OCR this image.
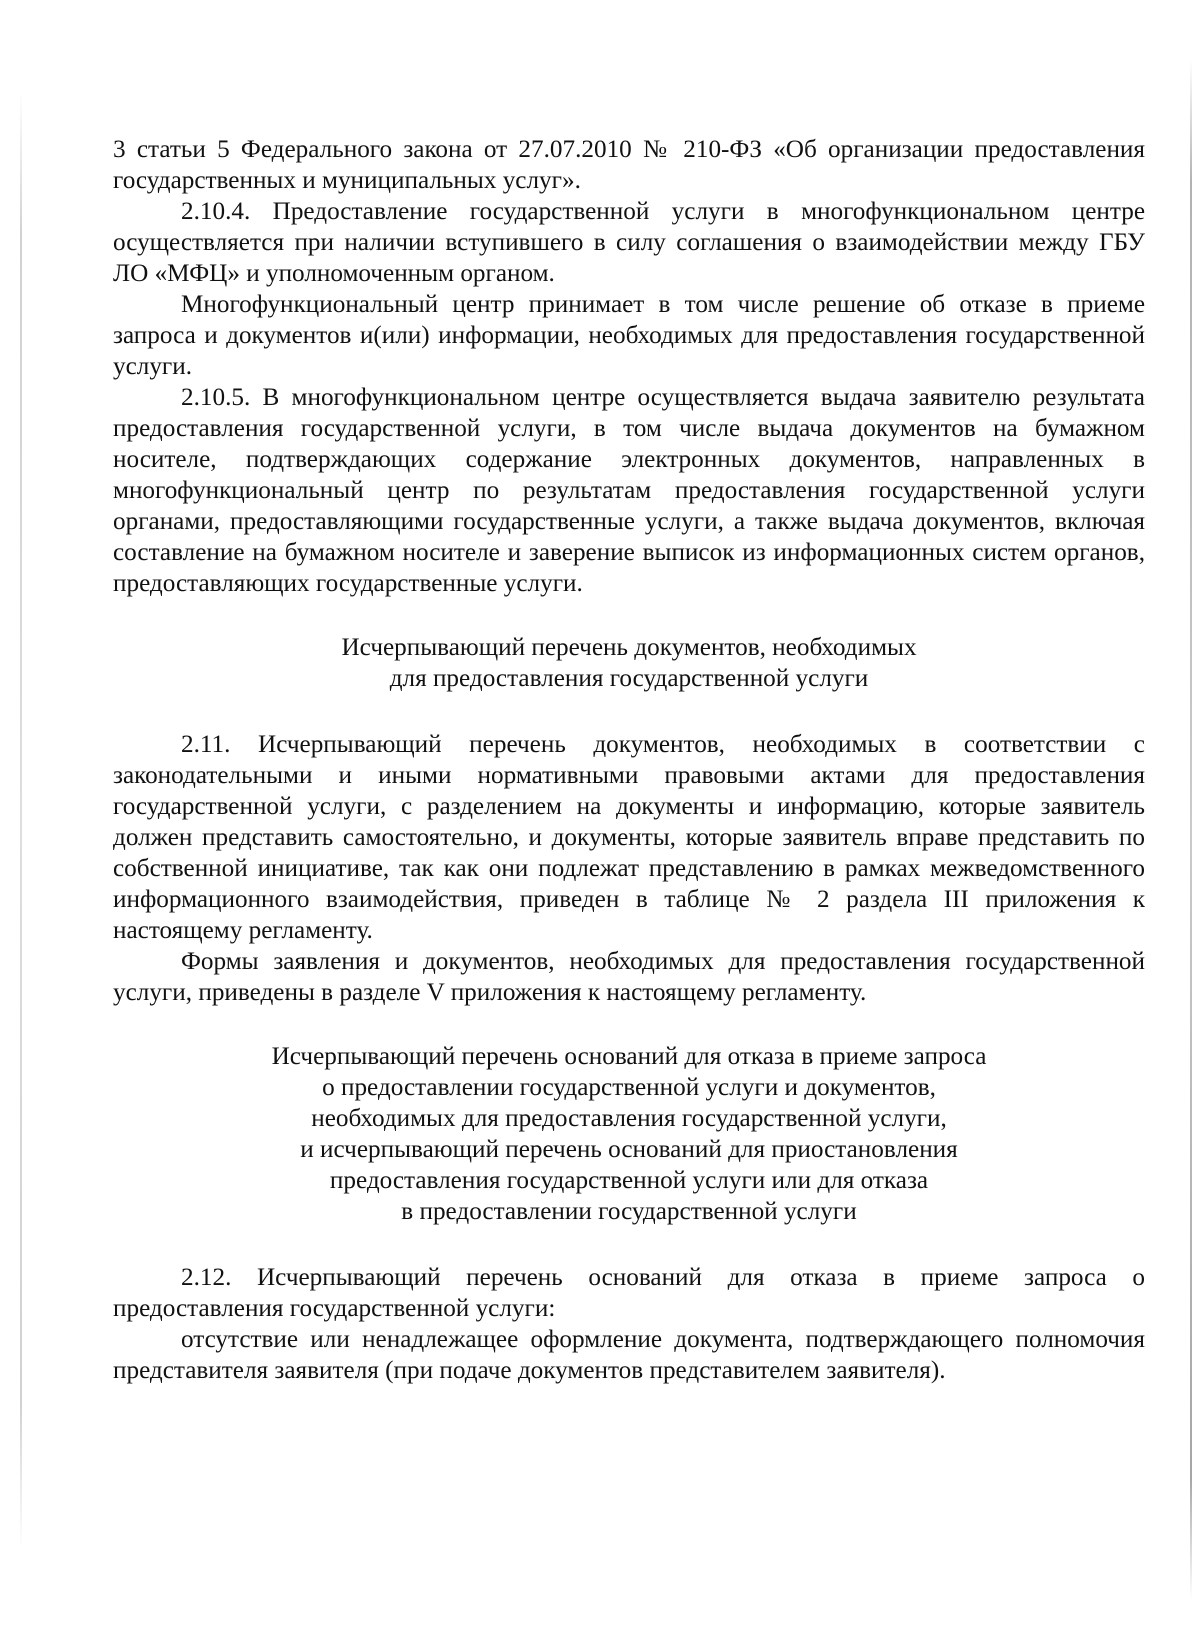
3 статьи 5 Федерального закона от 27.07.2010 № 210-ФЗ «Об организации предоставления государственных и муниципальных услуг».

2.10.4. Предоставление государственной услуги в многофункциональном центре осуществляется при наличии вступившего в силу соглашения о взаимодействии между ГБУ ЛО «МФЦ» и уполномоченным органом.

Многофункциональный центр принимает в том числе решение об отказе в приеме запроса и документов и(или) информации, необходимых для предоставления государственной услуги.

2.10.5. В многофункциональном центре осуществляется выдача заявителю результата предоставления государственной услуги, в том числе выдача документов на бумажном носителе, подтверждающих содержание электронных документов, направленных в многофункциональный центр по результатам предоставления государственной услуги органами, предоставляющими государственные услуги, а также выдача документов, включая составление на бумажном носителе и заверение выписок из информационных систем органов, предоставляющих государственные услуги.

Исчерпывающий перечень документов, необходимых
для предоставления государственной услуги

2.11. Исчерпывающий перечень документов, необходимых в соответствии с законодательными и иными нормативными правовыми актами для предоставления государственной услуги, с разделением на документы и информацию, которые заявитель должен представить самостоятельно, и документы, которые заявитель вправе представить по собственной инициативе, так как они подлежат представлению в рамках межведомственного информационного взаимодействия, приведен в таблице № 2 раздела III приложения к настоящему регламенту.

Формы заявления и документов, необходимых для предоставления государственной услуги, приведены в разделе V приложения к настоящему регламенту.

Исчерпывающий перечень оснований для отказа в приеме запроса
о предоставлении государственной услуги и документов,
необходимых для предоставления государственной услуги,
и исчерпывающий перечень оснований для приостановления
предоставления государственной услуги или для отказа
в предоставлении государственной услуги

2.12. Исчерпывающий перечень оснований для отказа в приеме запроса о предоставления государственной услуги:

отсутствие или ненадлежащее оформление документа, подтверждающего полномочия представителя заявителя (при подаче документов представителем заявителя).
